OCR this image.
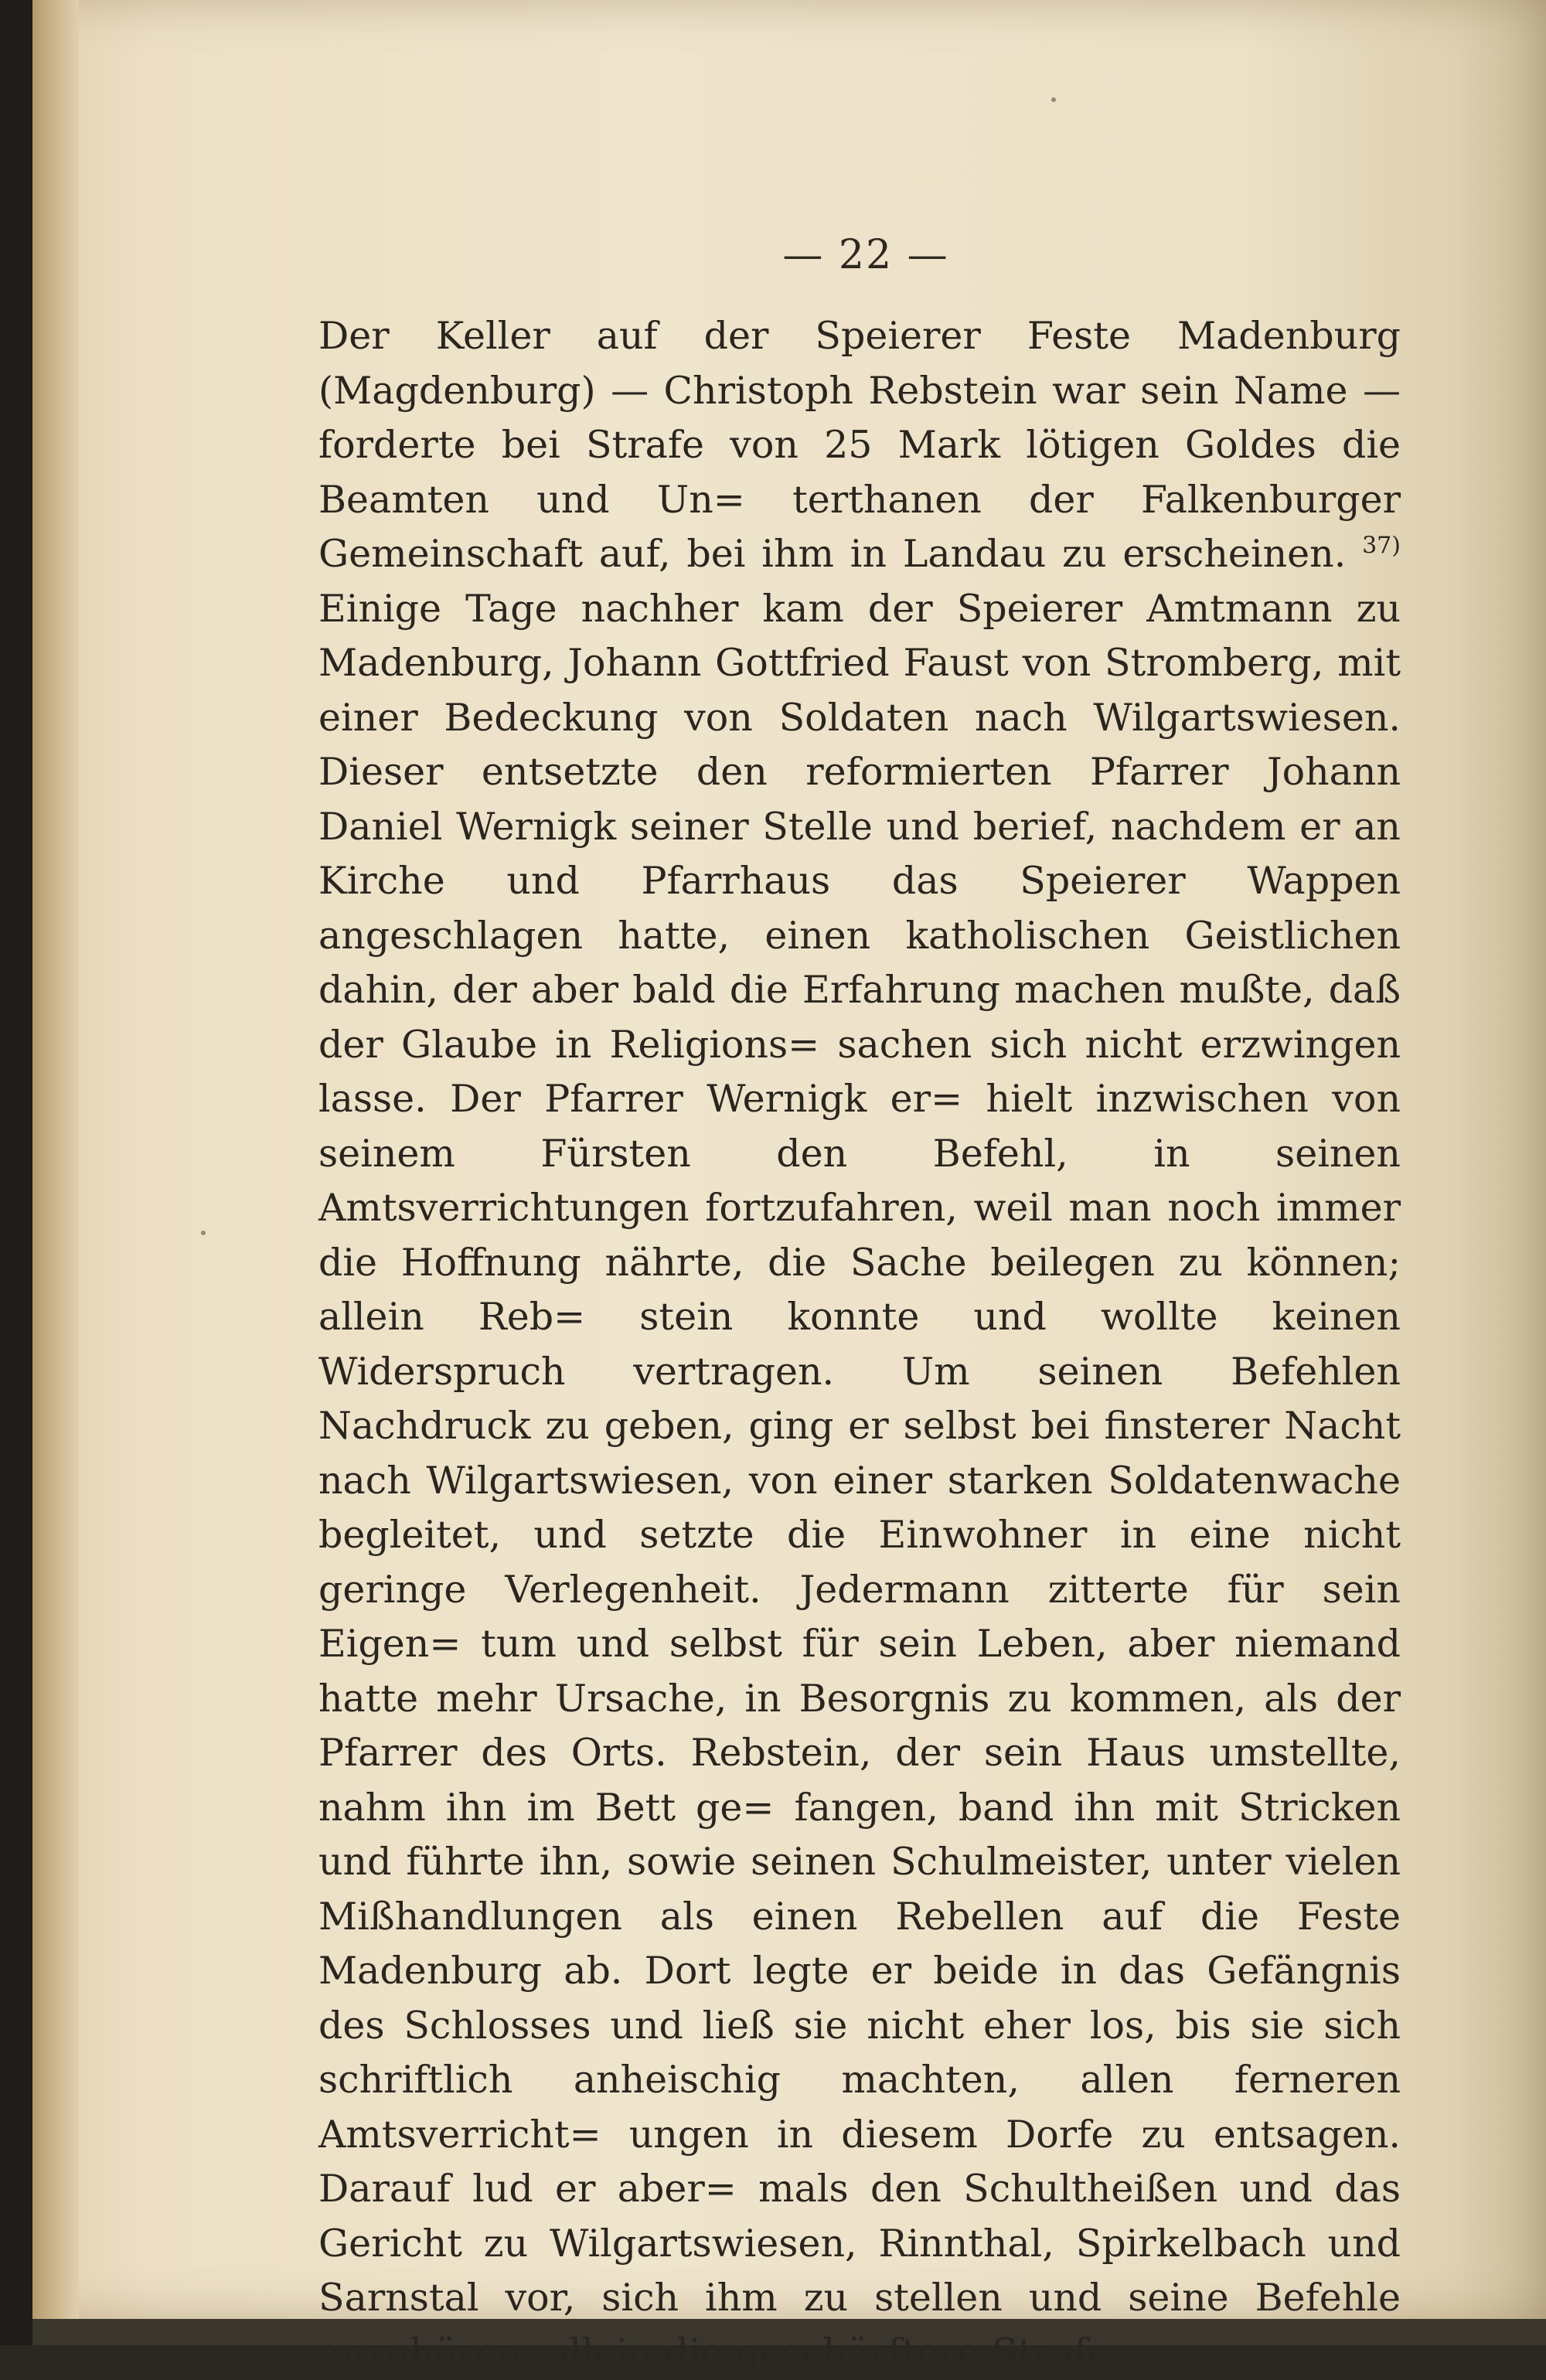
— 22 —

Der Keller auf der Speierer Feste Madenburg (Magdenburg) — Christoph Rebstein war sein Name — forderte bei Strafe von 25 Mark lötigen Goldes die Beamten und Un= terthanen der Falkenburger Gemeinschaft auf, bei ihm in Landau zu erscheinen. $^{37)}$ Einige Tage nachher kam der Speierer Amtmann zu Madenburg, Johann Gottfried Faust von Stromberg, mit einer Bedeckung von Soldaten nach Wilgartswiesen. Dieser entsetzte den reformierten Pfarrer Johann Daniel Wernigk seiner Stelle und berief, nachdem er an Kirche und Pfarrhaus das Speierer Wappen angeschlagen hatte, einen katholischen Geistlichen dahin, der aber bald die Erfahrung machen mußte, daß der Glaube in Religions= sachen sich nicht erzwingen lasse. Der Pfarrer Wernigk er= hielt inzwischen von seinem Fürsten den Befehl, in seinen Amtsverrichtungen fortzufahren, weil man noch immer die Hoffnung nährte, die Sache beilegen zu können; allein Reb= stein konnte und wollte keinen Widerspruch vertragen. Um seinen Befehlen Nachdruck zu geben, ging er selbst bei finsterer Nacht nach Wilgartswiesen, von einer starken Soldatenwache begleitet, und setzte die Einwohner in eine nicht geringe Verlegenheit. Jedermann zitterte für sein Eigen= tum und selbst für sein Leben, aber niemand hatte mehr Ursache, in Besorgnis zu kommen, als der Pfarrer des Orts. Rebstein, der sein Haus umstellte, nahm ihn im Bett ge= fangen, band ihn mit Stricken und führte ihn, sowie seinen Schulmeister, unter vielen Mißhandlungen als einen Rebellen auf die Feste Madenburg ab. Dort legte er beide in das Gefängnis des Schlosses und ließ sie nicht eher los, bis sie sich schriftlich anheischig machten, allen ferneren Amtsverricht= ungen in diesem Dorfe zu entsagen. Darauf lud er aber= mals den Schultheißen und das Gericht zu Wilgartswiesen, Rinnthal, Spirkelbach und Sarnstal vor, sich ihm zu stellen und seine Befehle anzuhören; allein die geschärftere Strafe
